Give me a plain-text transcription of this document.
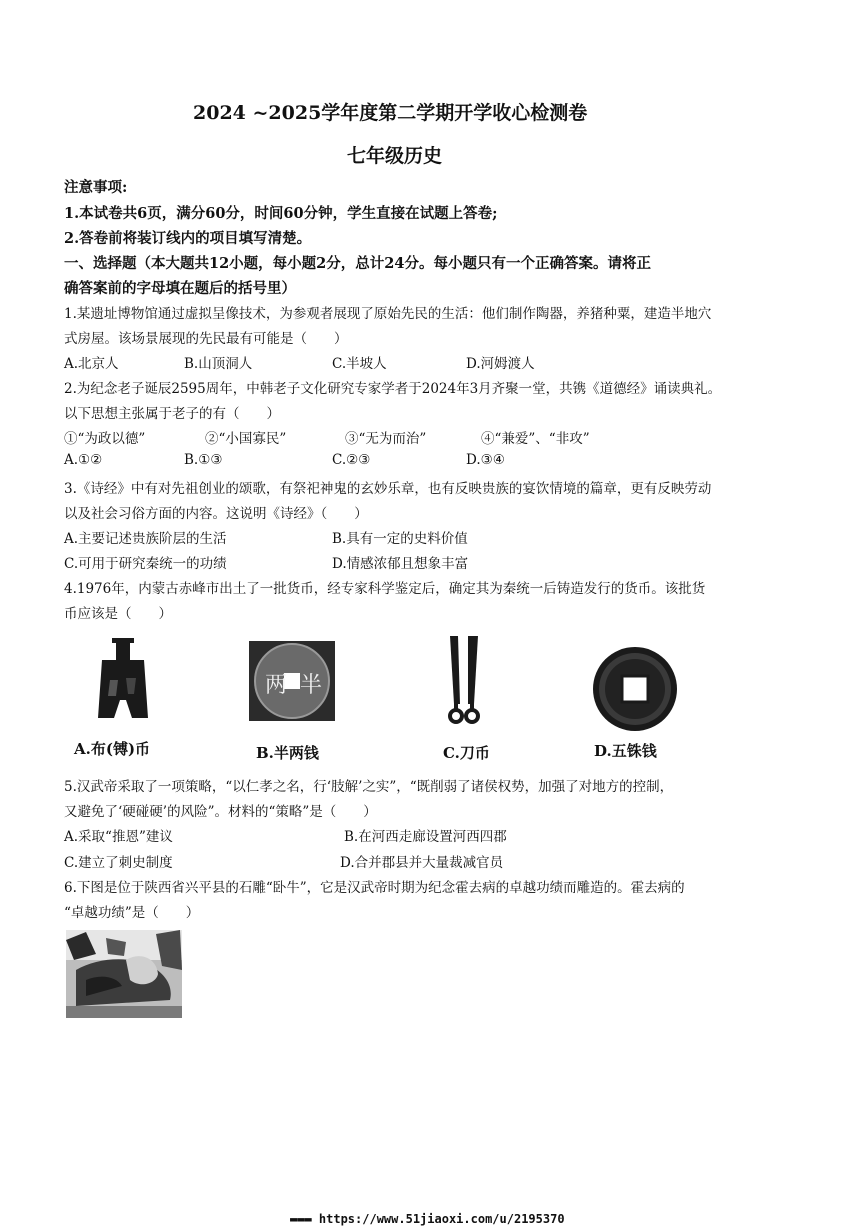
2024 ~2025学年度第二学期开学收心检测卷
七年级历史
注意事项:
1.本试卷共6页，满分60分，时间60分钟，学生直接在试题上答卷;
2.答卷前将装订线内的项目填写清楚。
一、选择题（本大题共12小题，每小题2分，总计24分。每小题只有一个正确答案。请将正
确答案前的字母填在题后的括号里）
1.某遗址博物馆通过虚拟呈像技术，为参观者展现了原始先民的生活：他们制作陶器，养猪种粟，建造半地穴
式房屋。该场景展现的先民最有可能是（　　）
A.北京人	B.山顶洞人	C.半坡人	D.河姆渡人
2.为纪念老子诞辰2595周年，中韩老子文化研究专家学者于2024年3月齐聚一堂，共镌《道德经》诵读典礼。
以下思想主张属于老子的有（　　）
①“为政以德”	②“小国寡民”	③“无为而治”	④“兼爱”、“非攻”
A.①②	B.①③	C.②③	D.③④
3.《诗经》中有对先祖创业的颂歌，有祭祀神鬼的玄妙乐章，也有反映贵族的宴饮情境的篇章，更有反映劳动
以及社会习俗方面的内容。这说明《诗经》（　　）
A.主要记述贵族阶层的生活	B.具有一定的史料价值
C.可用于研究秦统一的功绩	D.情感浓郁且想象丰富
4.1976年，内蒙古赤峰市出土了一批货币，经专家科学鉴定后，确定其为秦统一后铸造发行的货币。该批货
币应该是（　　）
两 半
A.布(镈)币	B.半两钱	C.刀币	D.五铢钱
5.汉武帝采取了一项策略，“以仁孝之名，行‘肢解’之实”，“既削弱了诸侯权势，加强了对地方的控制，
又避免了‘硬碰硬’的风险”。材料的“策略”是（　　）
A.采取“推恩”建议	B.在河西走廊设置河西四郡
C.建立了刺史制度	D.合并郡县并大量裁减官员
6.下图是位于陕西省兴平县的石雕“卧牛”，它是汉武帝时期为纪念霍去病的卓越功绩而雕造的。霍去病的
“卓越功绩”是（　　）
▬▬▬ https://www.51jiaoxi.com/u/2195370
